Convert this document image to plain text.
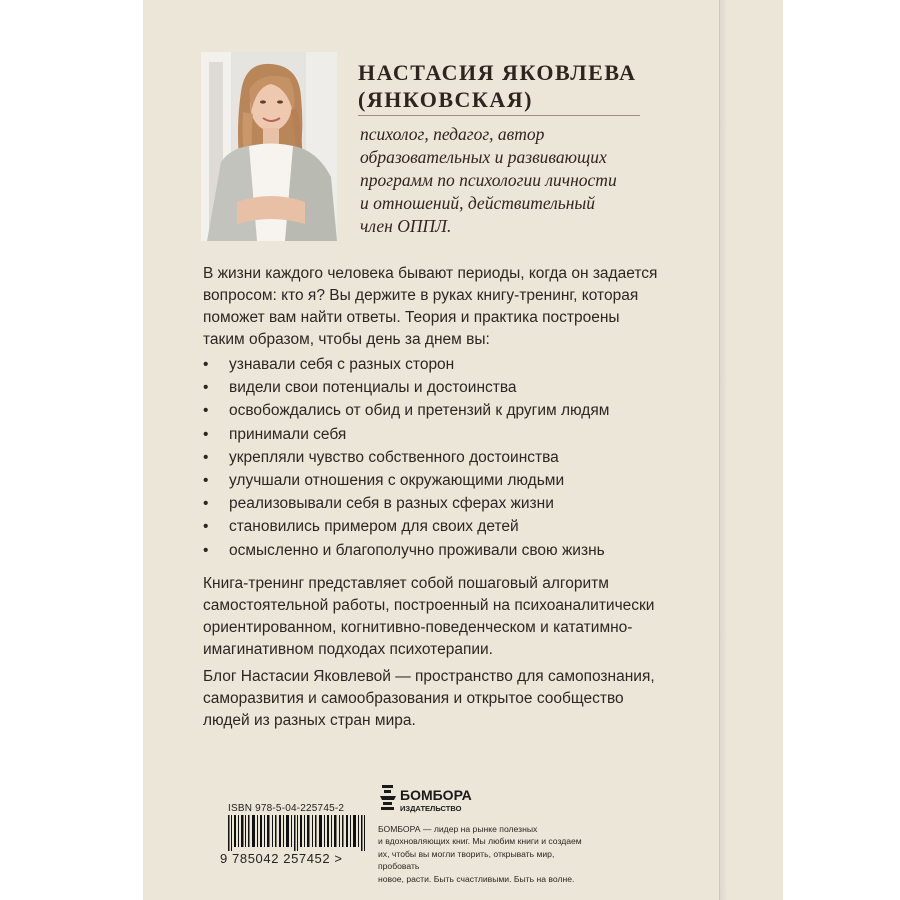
НАСТАСИЯ ЯКОВЛЕВА (ЯНКОВСКАЯ)

психолог, педагог, автор
образовательных и развивающих
программ по психологии личности
и отношений, действительный
член ОППЛ.

В жизни каждого человека бывают периоды, когда он задается
вопросом: кто я? Вы держите в руках книгу-тренинг, которая
поможет вам найти ответы. Теория и практика построены
таким образом, чтобы день за днем вы:

• узнавали себя с разных сторон
• видели свои потенциалы и достоинства
• освобождались от обид и претензий к другим людям
• принимали себя
• укрепляли чувство собственного достоинства
• улучшали отношения с окружающими людьми
• реализовывали себя в разных сферах жизни
• становились примером для своих детей
• осмысленно и благополучно проживали свою жизнь

Книга-тренинг представляет собой пошаговый алгоритм
самостоятельной работы, построенный на психоаналитически
ориентированном, когнитивно-поведенческом и кататимно-
имагинативном подходах психотерапии.

Блог Настасии Яковлевой — пространство для самопознания,
саморазвития и самообразования и открытое сообщество
людей из разных стран мира.

ISBN 978-5-04-225745-2
9 785042 257452 >
БОМБОРА
ИЗДАТЕЛЬСТВО

БОМБОРА — лидер на рынке полезных
и вдохновляющих книг. Мы любим книги и создаем
их, чтобы вы могли творить, открывать мир, пробовать
новое, расти. Быть счастливыми. Быть на волне.
